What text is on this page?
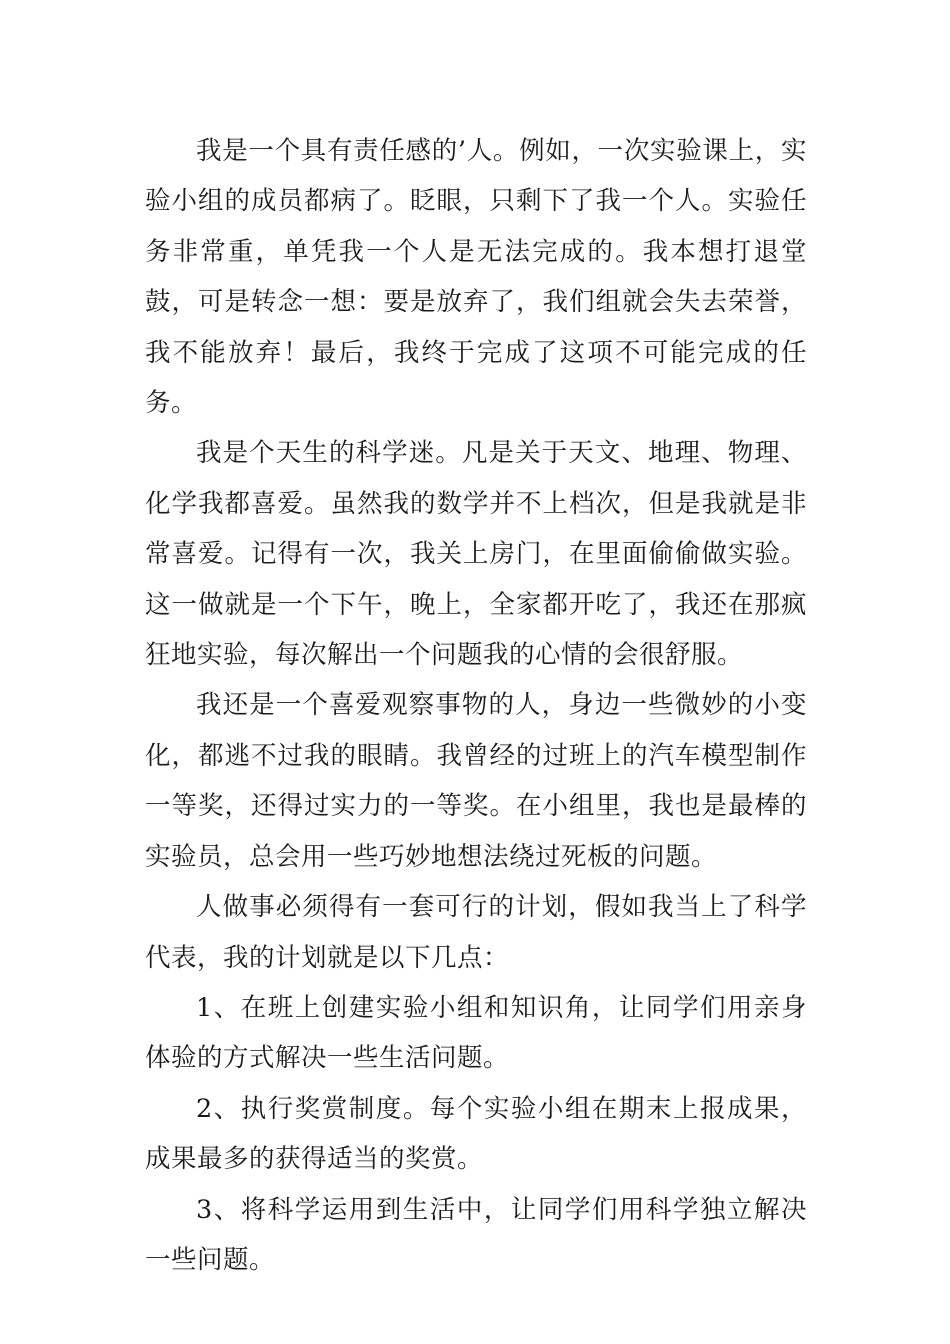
我是一个具有责任感的’人。例如，一次实验课上，实验小组的成员都病了。眨眼，只剩下了我一个人。实验任务非常重，单凭我一个人是无法完成的。我本想打退堂鼓，可是转念一想：要是放弃了，我们组就会失去荣誉，我不能放弃！最后，我终于完成了这项不可能完成的任务。

我是个天生的科学迷。凡是关于天文、地理、物理、化学我都喜爱。虽然我的数学并不上档次，但是我就是非常喜爱。记得有一次，我关上房门，在里面偷偷做实验。这一做就是一个下午，晚上，全家都开吃了，我还在那疯狂地实验，每次解出一个问题我的心情的会很舒服。

我还是一个喜爱观察事物的人，身边一些微妙的小变化，都逃不过我的眼睛。我曾经的过班上的汽车模型制作一等奖，还得过实力的一等奖。在小组里，我也是最棒的实验员，总会用一些巧妙地想法绕过死板的问题。

人做事必须得有一套可行的计划，假如我当上了科学代表，我的计划就是以下几点：

1、在班上创建实验小组和知识角，让同学们用亲身体验的方式解决一些生活问题。

2、执行奖赏制度。每个实验小组在期末上报成果，成果最多的获得适当的奖赏。

3、将科学运用到生活中，让同学们用科学独立解决一些问题。
